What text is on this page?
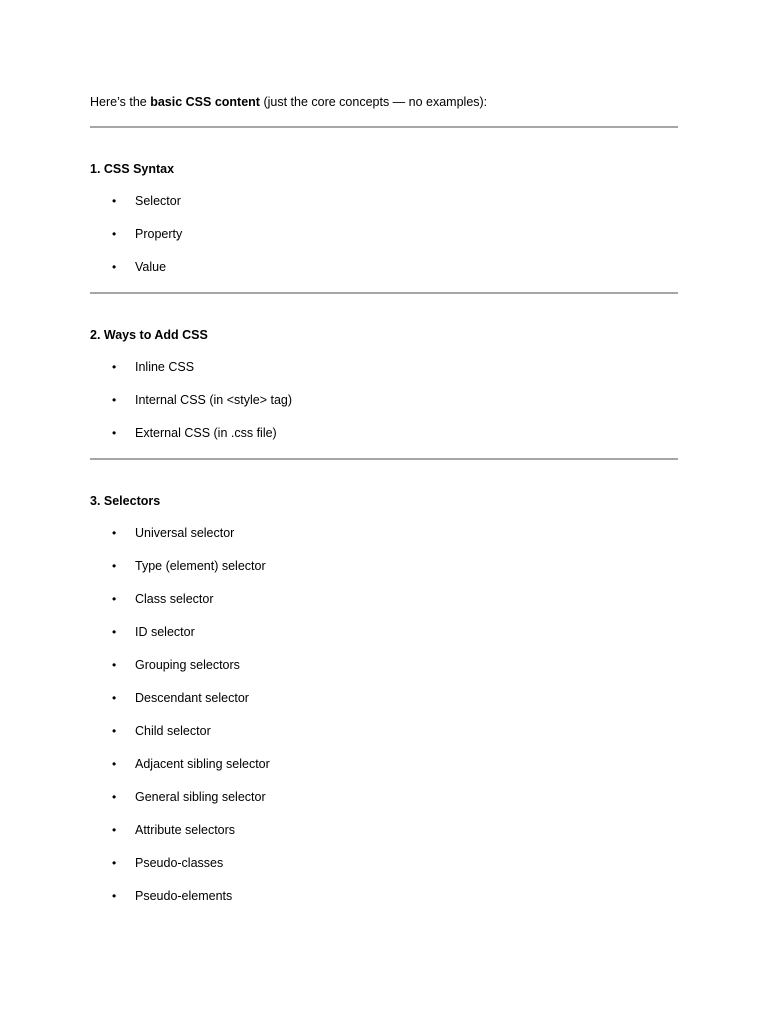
Here’s the basic CSS content (just the core concepts — no examples):

1. CSS Syntax

• Selector
• Property
• Value

2. Ways to Add CSS

• Inline CSS
• Internal CSS (in <style> tag)
• External CSS (in .css file)

3. Selectors

• Universal selector
• Type (element) selector
• Class selector
• ID selector
• Grouping selectors
• Descendant selector
• Child selector
• Adjacent sibling selector
• General sibling selector
• Attribute selectors
• Pseudo-classes
• Pseudo-elements
